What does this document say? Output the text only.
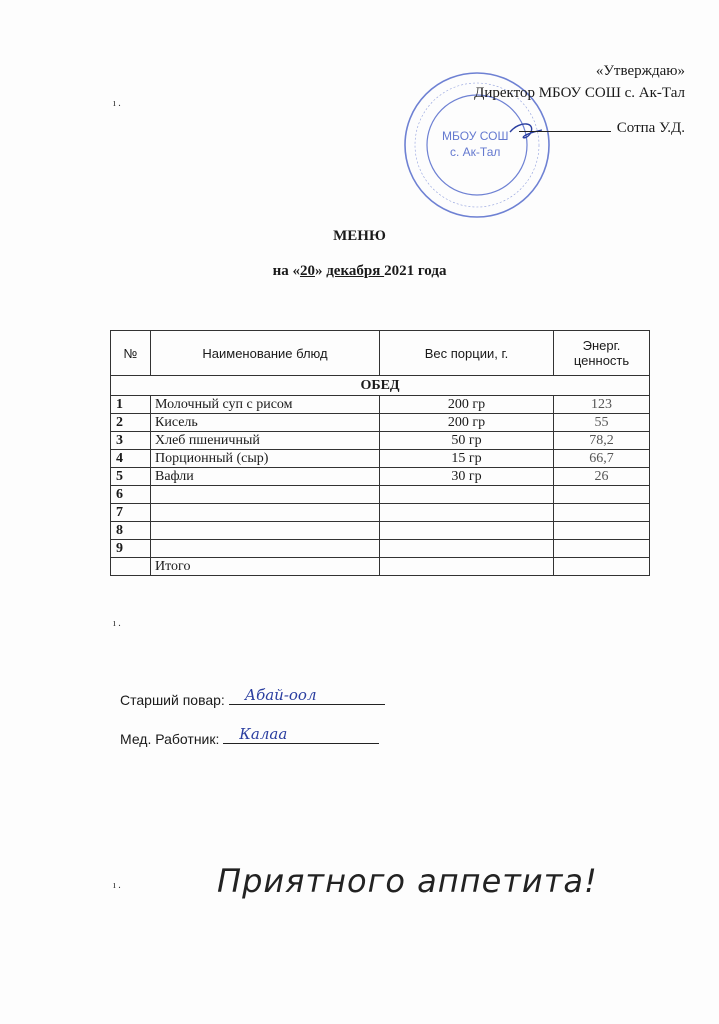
ı .
ı .
ı .
МБОУ СОШ
с. Ак-Тал
«Утверждаю»
Директор МБОУ СОШ с. Ак-Тал
Сотпа У.Д.
МЕНЮ
на «20» декабря 2021 года
№	Наименование блюд	Вес порции, г.	Энерг. ценность
ОБЕД			
1	Молочный суп с рисом	200 гр	123
2	Кисель	200 гр	55
3	Хлеб пшеничный	50 гр	78,2
4	Порционный (сыр)	15 гр	66,7
5	Вафли	30 гр	26
6			
7			
8			
9			
	Итого		
Старший повар: Абай-оол
Мед. Работник: Калаа
Приятного аппетита!
